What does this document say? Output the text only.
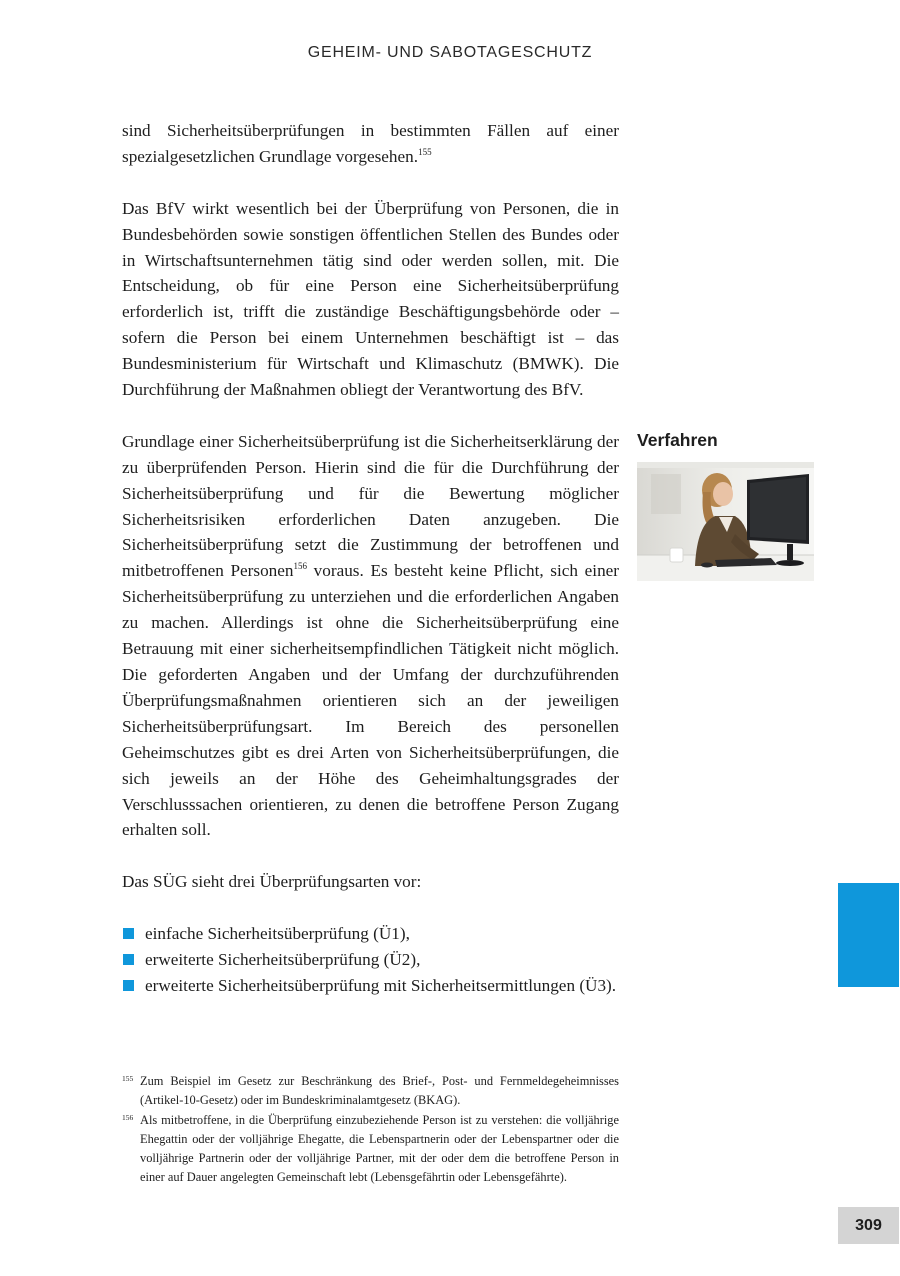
GEHEIM- UND SABOTAGESCHUTZ

sind Sicherheitsüberprüfungen in bestimmten Fällen auf einer spezialgesetzlichen Grundlage vorgesehen.$^{155}$

Das BfV wirkt wesentlich bei der Überprüfung von Personen, die in Bundesbehörden sowie sonstigen öffentlichen Stellen des Bundes oder in Wirtschaftsunternehmen tätig sind oder werden sollen, mit. Die Entscheidung, ob für eine Person eine Sicherheitsüberprüfung erforderlich ist, trifft die zuständige Beschäftigungsbehörde oder – sofern die Person bei einem Unternehmen beschäftigt ist – das Bundesministerium für Wirtschaft und Klimaschutz (BMWK). Die Durchführung der Maßnahmen obliegt der Verantwortung des BfV.

Grundlage einer Sicherheitsüberprüfung ist die Sicherheitserklärung der zu überprüfenden Person. Hierin sind die für die Durchführung der Sicherheitsüberprüfung und für die Bewertung möglicher Sicherheitsrisiken erforderlichen Daten anzugeben. Die Sicherheitsüberprüfung setzt die Zustimmung der betroffenen und mitbetroffenen Personen$^{156}$ voraus. Es besteht keine Pflicht, sich einer Sicherheitsüberprüfung zu unterziehen und die erforderlichen Angaben zu machen. Allerdings ist ohne die Sicherheitsüberprüfung eine Betrauung mit einer sicherheitsempfindlichen Tätigkeit nicht möglich. Die geforderten Angaben und der Umfang der durchzuführenden Überprüfungsmaßnahmen orientieren sich an der jeweiligen Sicherheitsüberprüfungsart. Im Bereich des personellen Geheimschutzes gibt es drei Arten von Sicherheitsüberprüfungen, die sich jeweils an der Höhe des Geheimhaltungsgrades der Verschlusssachen orientieren, zu denen die betroffene Person Zugang erhalten soll.

Das SÜG sieht drei Überprüfungsarten vor:

einfache Sicherheitsüberprüfung (Ü1),
erweiterte Sicherheitsüberprüfung (Ü2),
erweiterte Sicherheitsüberprüfung mit Sicherheitsermittlungen (Ü3).
Verfahren
155 Zum Beispiel im Gesetz zur Beschränkung des Brief-, Post- und Fernmeldegeheimnisses (Artikel-10-Gesetz) oder im Bundeskriminalamtgesetz (BKAG).
156 Als mitbetroffene, in die Überprüfung einzubeziehende Person ist zu verstehen: die volljährige Ehegattin oder der volljährige Ehegatte, die Lebenspartnerin oder der Lebenspartner oder die volljährige Partnerin oder der volljährige Partner, mit der oder dem die betroffene Person in einer auf Dauer angelegten Gemeinschaft lebt (Lebensgefährtin oder Lebensgefährte).
309
